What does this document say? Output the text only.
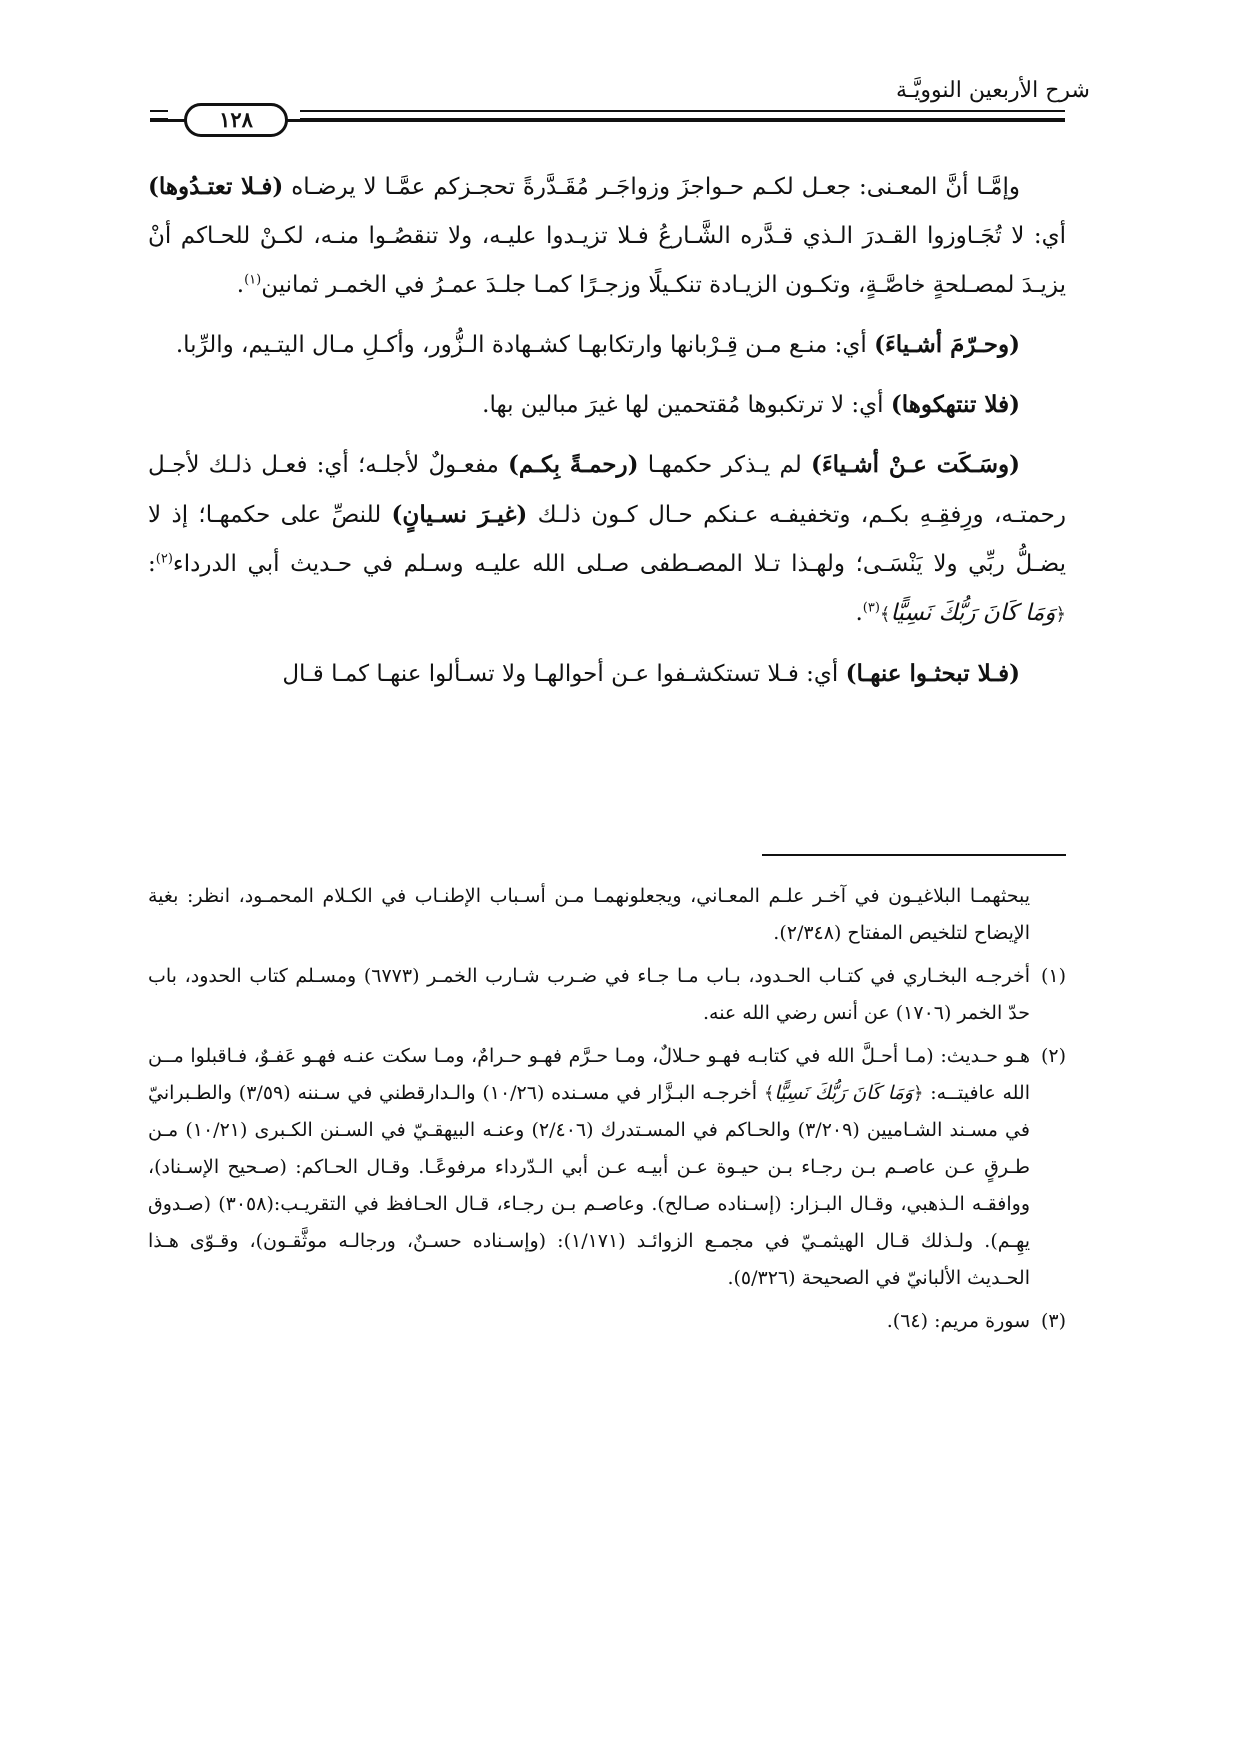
شرح الأربعين النوويَّـة
١٢٨

وإمَّـا أنَّ المعـنى: جعـل لكـم حـواجزَ وزواجَـر مُقَـدَّرةً تحجـزكم عمَّـا لا يرضـاه (فـلا تعتـدُوها) أي: لا تُجَـاوزوا القـدرَ الـذي قـدَّره الشَّـارعُ فـلا تزيـدوا عليـه، ولا تنقصُـوا منـه، لكـنْ للحـاكم أنْ يزيـدَ لمصـلحةٍ خاصَّـةٍ، وتكـون الزيـادة تنكـيلًا وزجـرًا كمـا جلـدَ عمـرُ في الخمـر ثمانين$^{(١)}$.

(وحـرّمَ أشـياءَ) أي: منـع مـن قِـرْبانها وارتكابهـا كشـهادة الـزُّور، وأكـلِ مـال اليتـيم، والرِّبا.

(فلا تنتهكوها) أي: لا ترتكبوها مُقتحمين لها غيرَ مبالين بها.

(وسَـكَت عـنْ أشـياءَ) لم يـذكر حكمهـا (رحمـةً بِكـم) مفعـولٌ لأجلـه؛ أي: فعـل ذلـك لأجـل رحمتـه، ورِفقِـهِ بكـم، وتخفيفـه عـنكم حـال كـون ذلـك (غيـرَ نسـيانٍ) للنصِّ على حكمهـا؛ إذ لا يضـلُّ ربِّي ولا يَنْسَـى؛ ولهـذا تـلا المصـطفى صـلى الله عليـه وسـلم في حـديث أبي الدرداء$^{(٢)}$: ﴿وَمَا كَانَ رَبُّكَ نَسِيًّا﴾$^{(٣)}$.

(فـلا تبحثـوا عنهـا) أي: فـلا تستكشـفوا عـن أحوالهـا ولا تسـألوا عنهـا كمـا قـال

يبحثهمـا البلاغيـون في آخـر علـم المعـاني، ويجعلونهمـا مـن أسـباب الإطنـاب في الكـلام المحمـود، انظر: بغية الإيضاح لتلخيص المفتاح (٢/٣٤٨).

(١)أخرجـه البخـاري في كتـاب الحـدود، بـاب مـا جـاء في ضـرب شـارب الخمـر (٦٧٧٣) ومسـلم كتاب الحدود، باب حدّ الخمر (١٧٠٦) عن أنس رضي الله عنه.

(٢)هـو حـديث: (مـا أحـلَّ الله في كتابـه فهـو حـلالٌ، ومـا حـرَّم فهـو حـرامٌ، ومـا سكت عنـه فهـو عَفـوٌ، فـاقبلوا مــن الله عافيتــه: ﴿وَمَا كَانَ رَبُّكَ نَسِيًّا﴾ أخرجـه البـزَّار في مسـنده (١٠/٢٦) والـدارقطني في سـننه (٣/٥٩) والطـبرانيّ في مسـند الشـاميين (٣/٢٠٩) والحـاكم في المسـتدرك (٢/٤٠٦) وعنـه البيهقـيّ في السـنن الكـبرى (١٠/٢١) مـن طـرقٍ عـن عاصـم بـن رجـاء بـن حيـوة عـن أبيـه عـن أبي الـدّرداء مرفوعًـا. وقـال الحـاكم: (صـحيح الإسـناد)، ووافقـه الـذهبي، وقـال البـزار: (إسـناده صـالح). وعاصـم بـن رجـاء، قـال الحـافظ في التقريـب:(٣٠٥٨) (صـدوق يهِـم). ولـذلك قـال الهيثمـيّ في مجمـع الزوائـد (١/١٧١): (وإسـناده حسـنٌ، ورجالـه موثَّقـون)، وقـوّى هـذا الحـديث الألبانيّ في الصحيحة (٥/٣٢٦).

(٣)سورة مريم: (٦٤).
